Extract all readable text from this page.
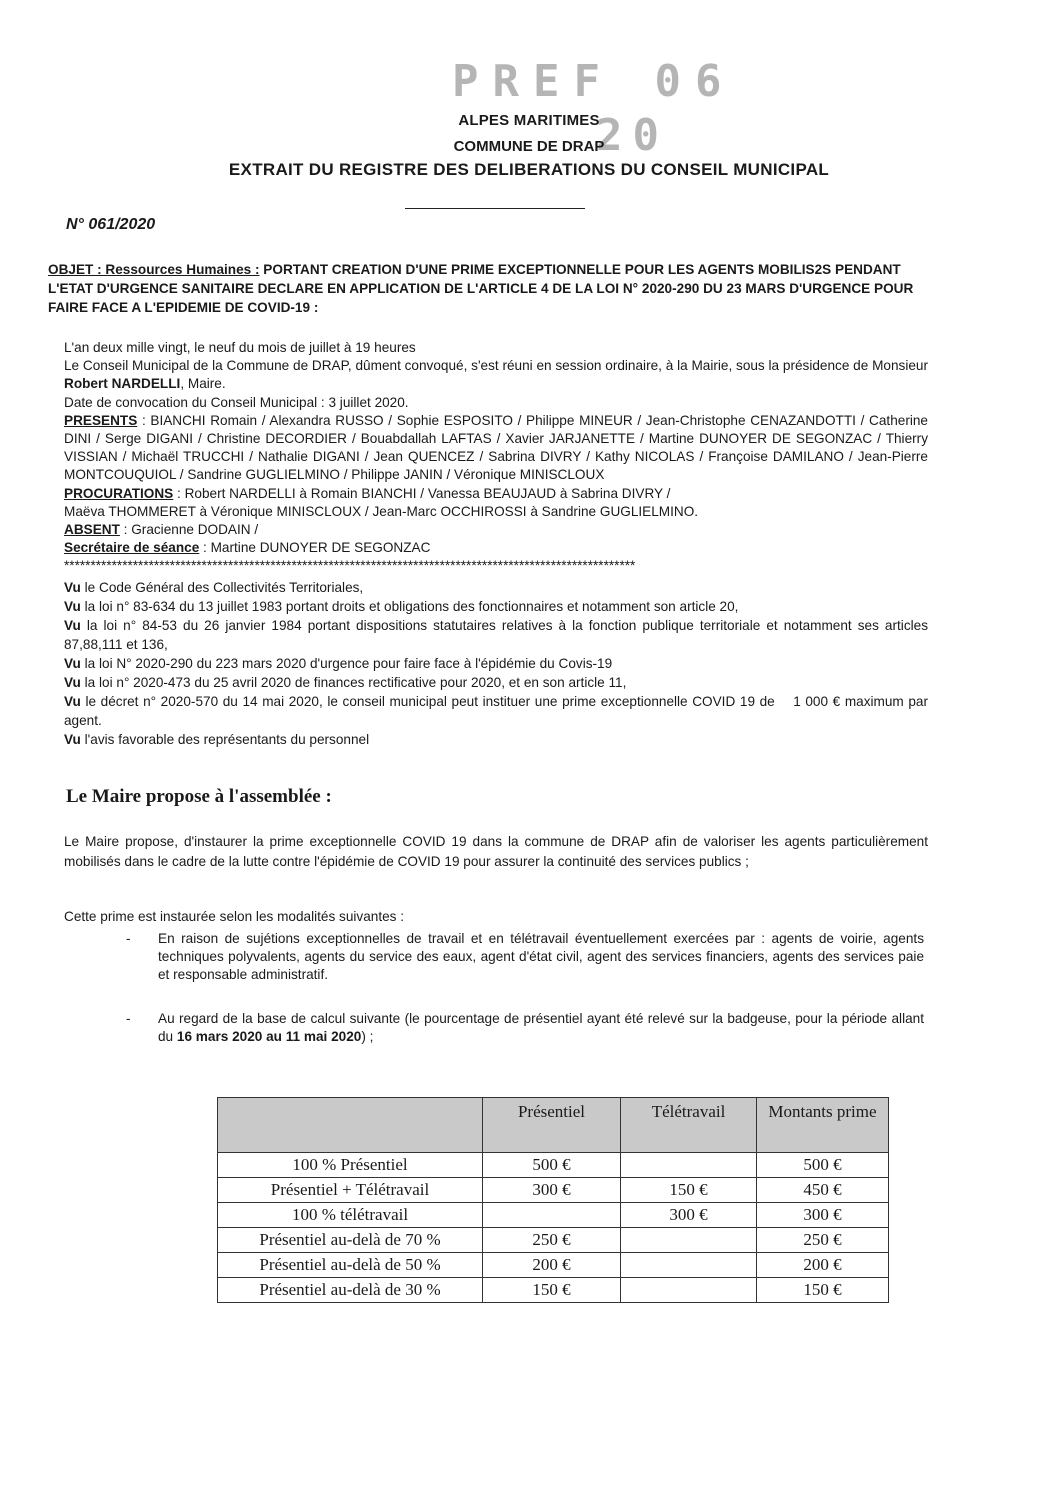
PREF 06
20
ALPES MARITIMES
COMMUNE DE DRAP
EXTRAIT DU REGISTRE DES DELIBERATIONS DU CONSEIL MUNICIPAL
N° 061/2020
OBJET : Ressources Humaines : PORTANT CREATION D'UNE PRIME EXCEPTIONNELLE POUR LES AGENTS MOBILIS2S PENDANT L'ETAT D'URGENCE SANITAIRE DECLARE EN APPLICATION DE L'ARTICLE 4 DE LA LOI N° 2020-290 DU 23 MARS D'URGENCE POUR FAIRE FACE A L'EPIDEMIE DE COVID-19 :

L'an deux mille vingt, le neuf du mois de juillet à 19 heures

Le Conseil Municipal de la Commune de DRAP, dûment convoqué, s'est réuni en session ordinaire, à la Mairie, sous la présidence de Monsieur Robert NARDELLI, Maire.

Date de convocation du Conseil Municipal : 3 juillet 2020.

PRESENTS : BIANCHI Romain / Alexandra RUSSO / Sophie ESPOSITO / Philippe MINEUR / Jean-Christophe CENAZANDOTTI / Catherine DINI / Serge DIGANI / Christine DECORDIER / Bouabdallah LAFTAS / Xavier JARJANETTE / Martine DUNOYER DE SEGONZAC / Thierry VISSIAN / Michaël TRUCCHI / Nathalie DIGANI / Jean QUENCEZ / Sabrina DIVRY / Kathy NICOLAS / Françoise DAMILANO / Jean-Pierre MONTCOUQUIOL / Sandrine GUGLIELMINO / Philippe JANIN / Véronique MINISCLOUX

PROCURATIONS : Robert NARDELLI à Romain BIANCHI / Vanessa BEAUJAUD à Sabrina DIVRY /

Maëva THOMMERET à Véronique MINISCLOUX / Jean-Marc OCCHIROSSI à Sandrine GUGLIELMINO.

ABSENT : Gracienne DODAIN /

Secrétaire de séance : Martine DUNOYER DE SEGONZAC

************************************************************************************************************

Vu le Code Général des Collectivités Territoriales,

Vu la loi n° 83-634 du 13 juillet 1983 portant droits et obligations des fonctionnaires et notamment son article 20,

Vu la loi n° 84-53 du 26 janvier 1984 portant dispositions statutaires relatives à la fonction publique territoriale et notamment ses articles 87,88,111 et 136,

Vu la loi N° 2020-290 du 223 mars 2020 d'urgence pour faire face à l'épidémie du Covis-19

Vu la loi n° 2020-473 du 25 avril 2020 de finances rectificative pour 2020, et en son article 11,

Vu le décret n° 2020-570 du 14 mai 2020, le conseil municipal peut instituer une prime exceptionnelle COVID 19 de    1 000 € maximum par agent.

Vu l'avis favorable des représentants du personnel

Le Maire propose à l'assemblée :
Le Maire propose, d'instaurer la prime exceptionnelle COVID 19 dans la commune de DRAP afin de valoriser les agents particulièrement mobilisés dans le cadre de la lutte contre l'épidémie de COVID 19 pour assurer la continuité des services publics ;
Cette prime est instaurée selon les modalités suivantes :
- En raison de sujétions exceptionnelles de travail et en télétravail éventuellement exercées par : agents de voirie, agents techniques polyvalents, agents du service des eaux, agent d'état civil, agent des services financiers, agents des services paie et responsable administratif.
- Au regard de la base de calcul suivante (le pourcentage de présentiel ayant été relevé sur la badgeuse, pour la période allant du 16 mars 2020 au 11 mai 2020) ;
	Présentiel	Télétravail	Montants prime
100 % Présentiel	500 €		500 €
Présentiel + Télétravail	300 €	150 €	450 €
100 % télétravail		300 €	300 €
Présentiel au-delà de 70 %	250 €		250 €
Présentiel au-delà de 50 %	200 €		200 €
Présentiel au-delà de 30 %	150 €		150 €
